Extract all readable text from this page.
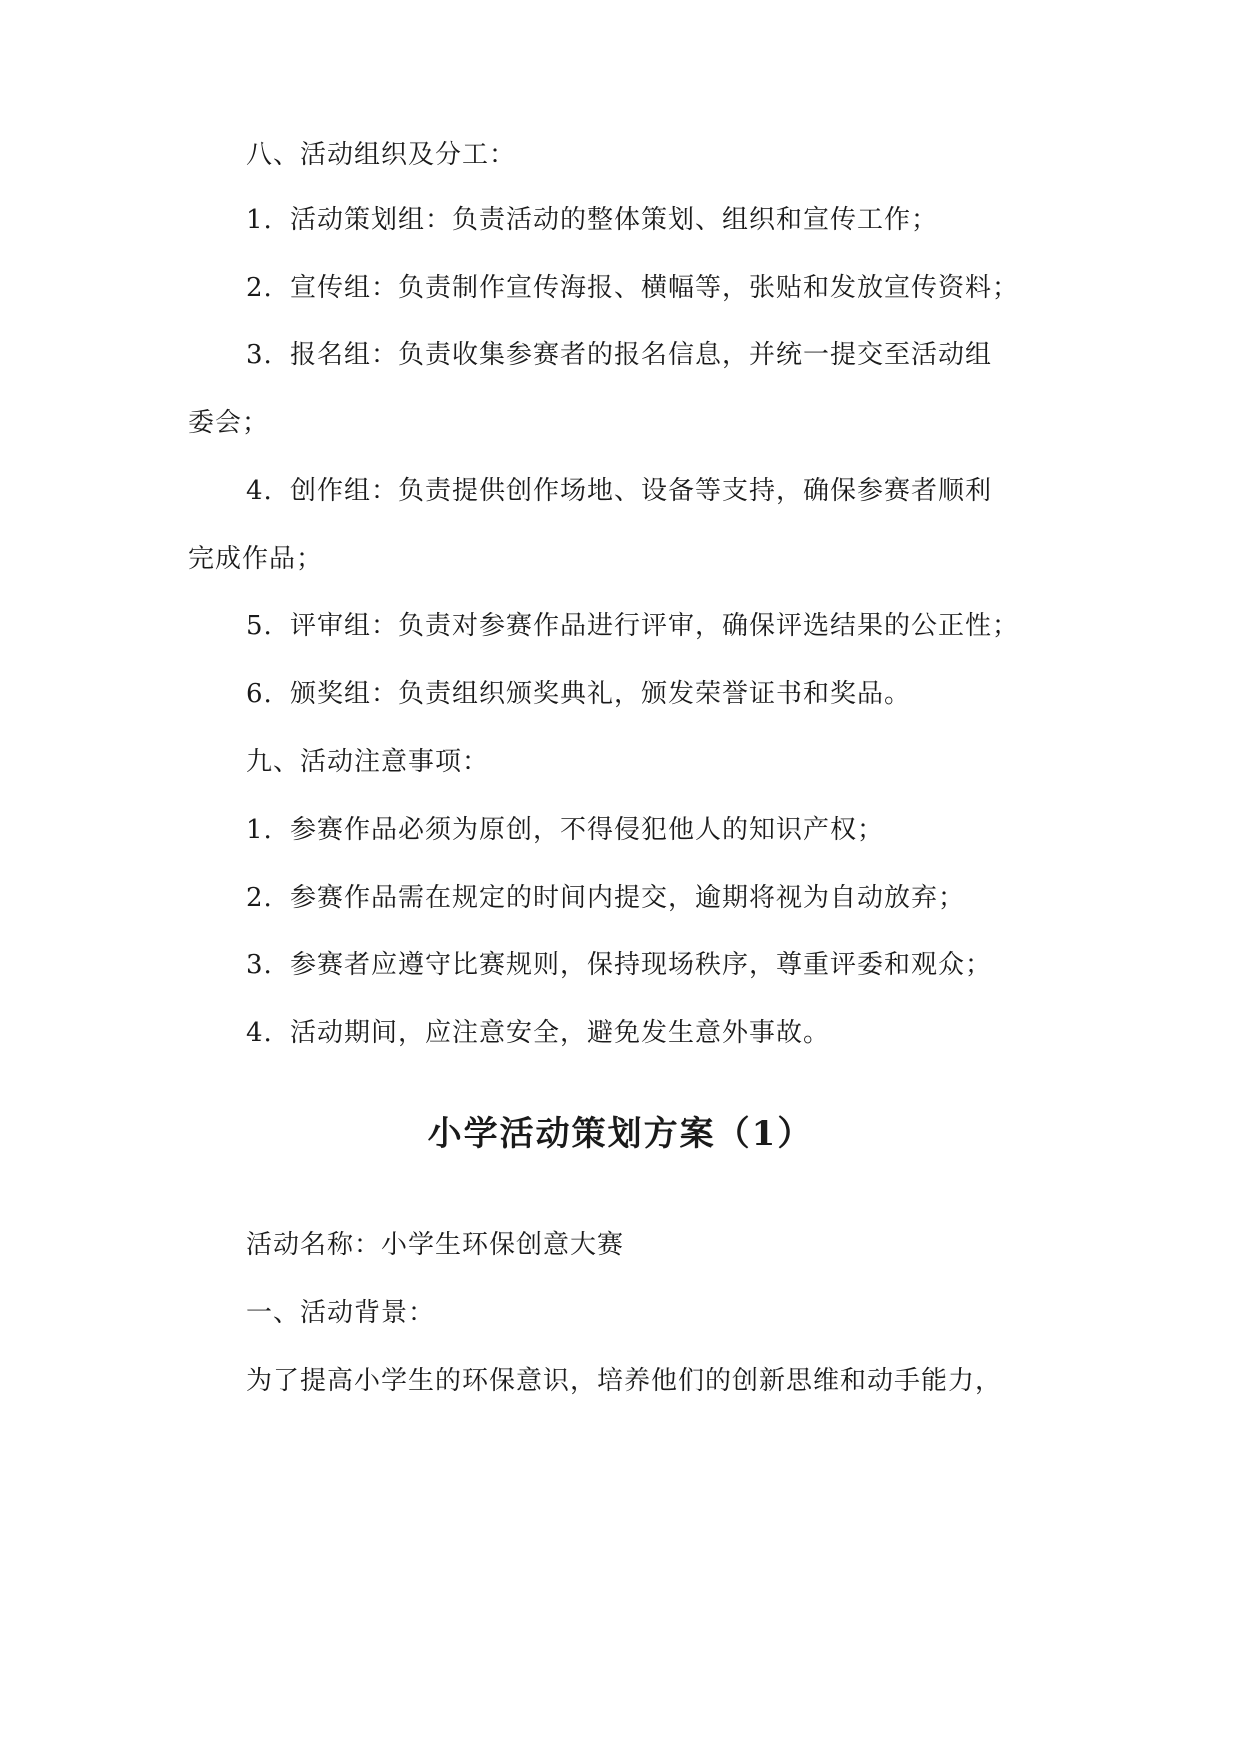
八、活动组织及分工：
1. 活动策划组：负责活动的整体策划、组织和宣传工作；
2. 宣传组：负责制作宣传海报、横幅等，张贴和发放宣传资料；
3. 报名组：负责收集参赛者的报名信息，并统一提交至活动组
委会；
4. 创作组：负责提供创作场地、设备等支持，确保参赛者顺利
完成作品；
5. 评审组：负责对参赛作品进行评审，确保评选结果的公正性；
6. 颁奖组：负责组织颁奖典礼，颁发荣誉证书和奖品。
九、活动注意事项：
1. 参赛作品必须为原创，不得侵犯他人的知识产权；
2. 参赛作品需在规定的时间内提交，逾期将视为自动放弃；
3. 参赛者应遵守比赛规则，保持现场秩序，尊重评委和观众；
4. 活动期间，应注意安全，避免发生意外事故。
小学活动策划方案（1）
活动名称：小学生环保创意大赛
一、活动背景：
为了提高小学生的环保意识，培养他们的创新思维和动手能力，
